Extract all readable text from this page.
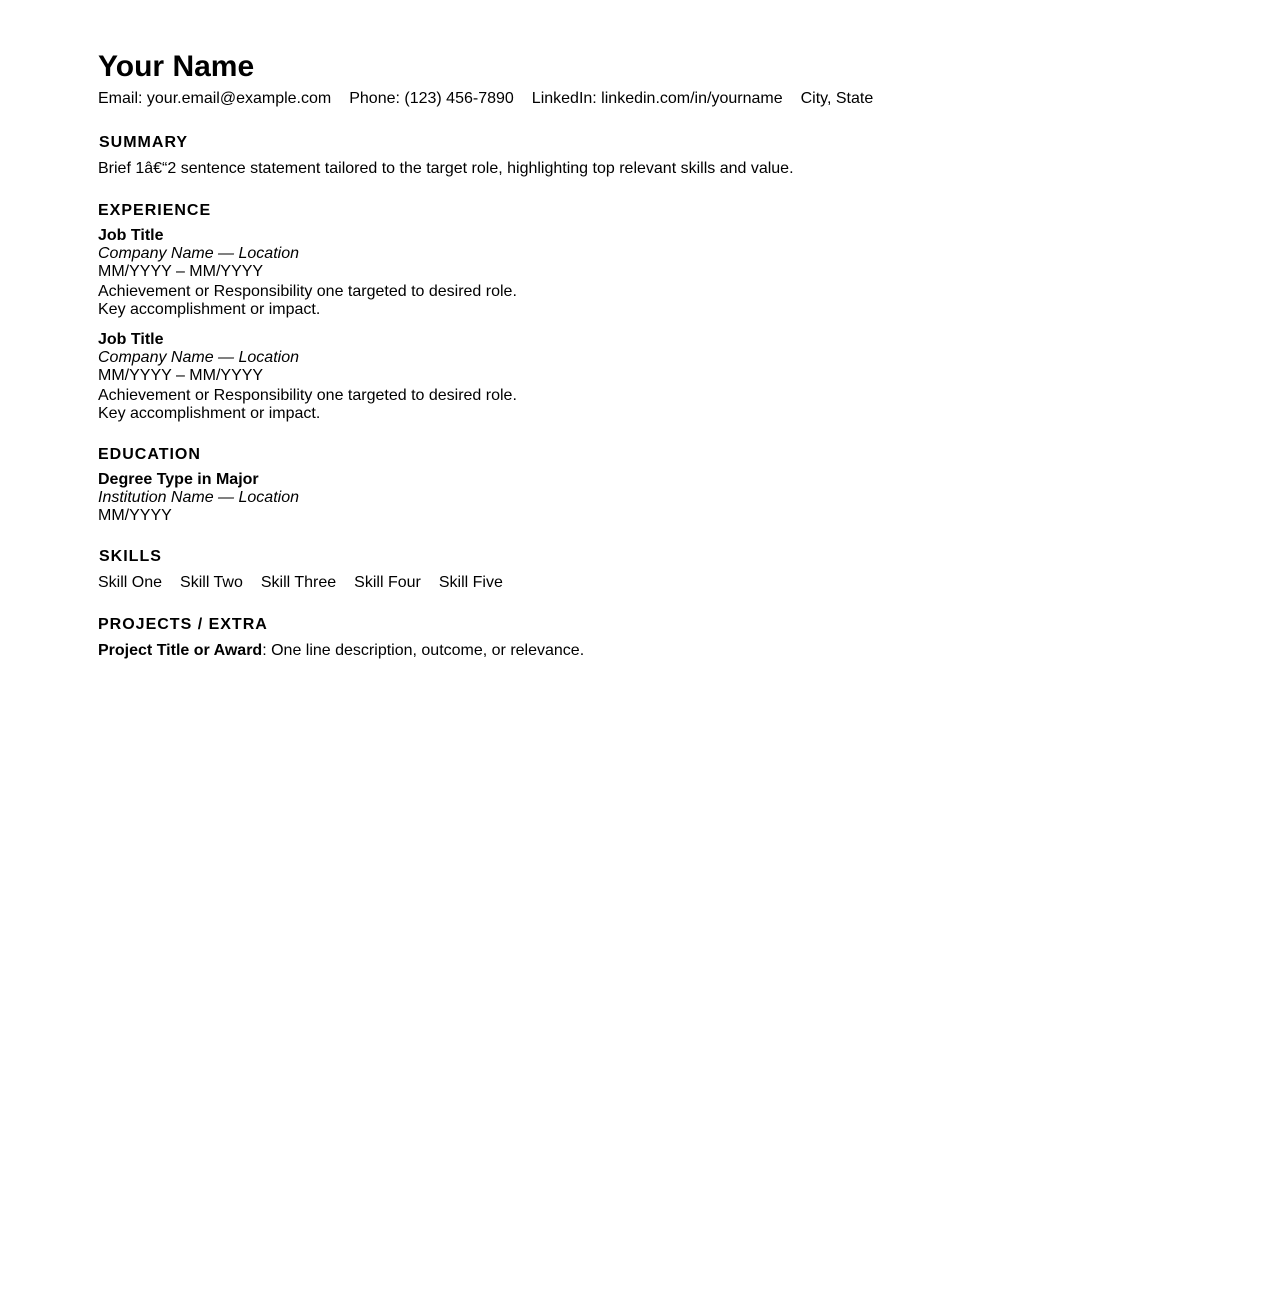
Your Name
Email: your.email@example.com Phone: (123) 456-7890 LinkedIn: linkedin.com/in/yourname City, State
SUMMARY
Brief 1â€“2 sentence statement tailored to the target role, highlighting top relevant skills and value.
EXPERIENCE
Job Title
Company Name — Location
MM/YYYY – MM/YYYY
Achievement or Responsibility one targeted to desired role.
Key accomplishment or impact.
Job Title
Company Name — Location
MM/YYYY – MM/YYYY
Achievement or Responsibility one targeted to desired role.
Key accomplishment or impact.
EDUCATION
Degree Type in Major
Institution Name — Location
MM/YYYY
SKILLS
Skill One Skill Two Skill Three Skill Four Skill Five
PROJECTS / EXTRA
Project Title or Award: One line description, outcome, or relevance.
